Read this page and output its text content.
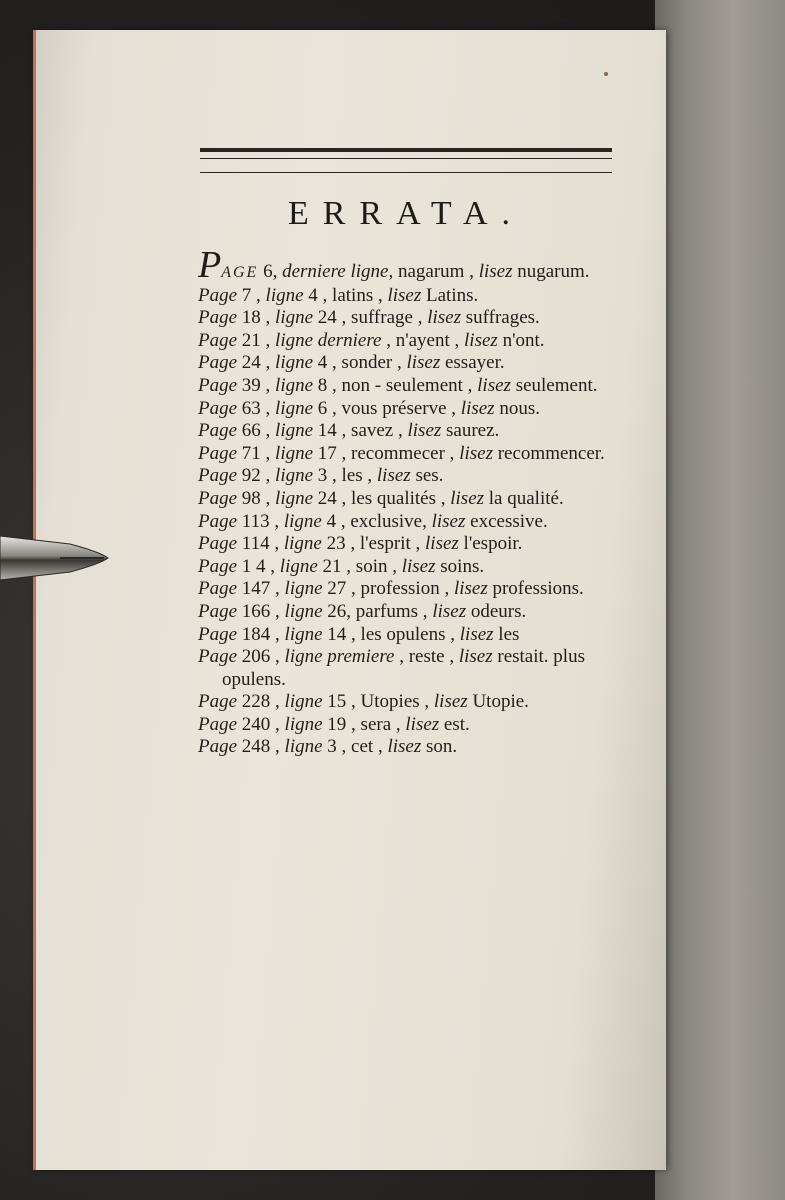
ERRATA.

PAGE 6, derniere ligne, nagarum , lisez nugarum.

Page 7 , ligne 4 , latins , lisez Latins.

Page 18 , ligne 24 , suffrage , lisez suffrages.

Page 21 , ligne derniere , n'ayent , lisez n'ont.

Page 24 , ligne 4 , sonder , lisez essayer.

Page 39 , ligne 8 , non - seulement , lisez seulement.

Page 63 , ligne 6 , vous préserve , lisez nous.

Page 66 , ligne 14 , savez , lisez saurez.

Page 71 , ligne 17 , recommecer , lisez recommencer.

Page 92 , ligne 3 , les , lisez ses.

Page 98 , ligne 24 , les qualités , lisez la qualité.

Page 113 , ligne 4 , exclusive, lisez excessive.

Page 114 , ligne 23 , l'esprit , lisez l'espoir.

Page 1 4 , ligne 21 , soin , lisez soins.

Page 147 , ligne 27 , profession , lisez professions.

Page 166 , ligne 26, parfums , lisez odeurs.

Page 184 , ligne 14 , les opulens , lisez les

Page 206 , ligne premiere , reste , lisez restait. plus opulens.

Page 228 , ligne 15 , Utopies , lisez Utopie.

Page 240 , ligne 19 , sera , lisez est.

Page 248 , ligne 3 , cet , lisez son.
